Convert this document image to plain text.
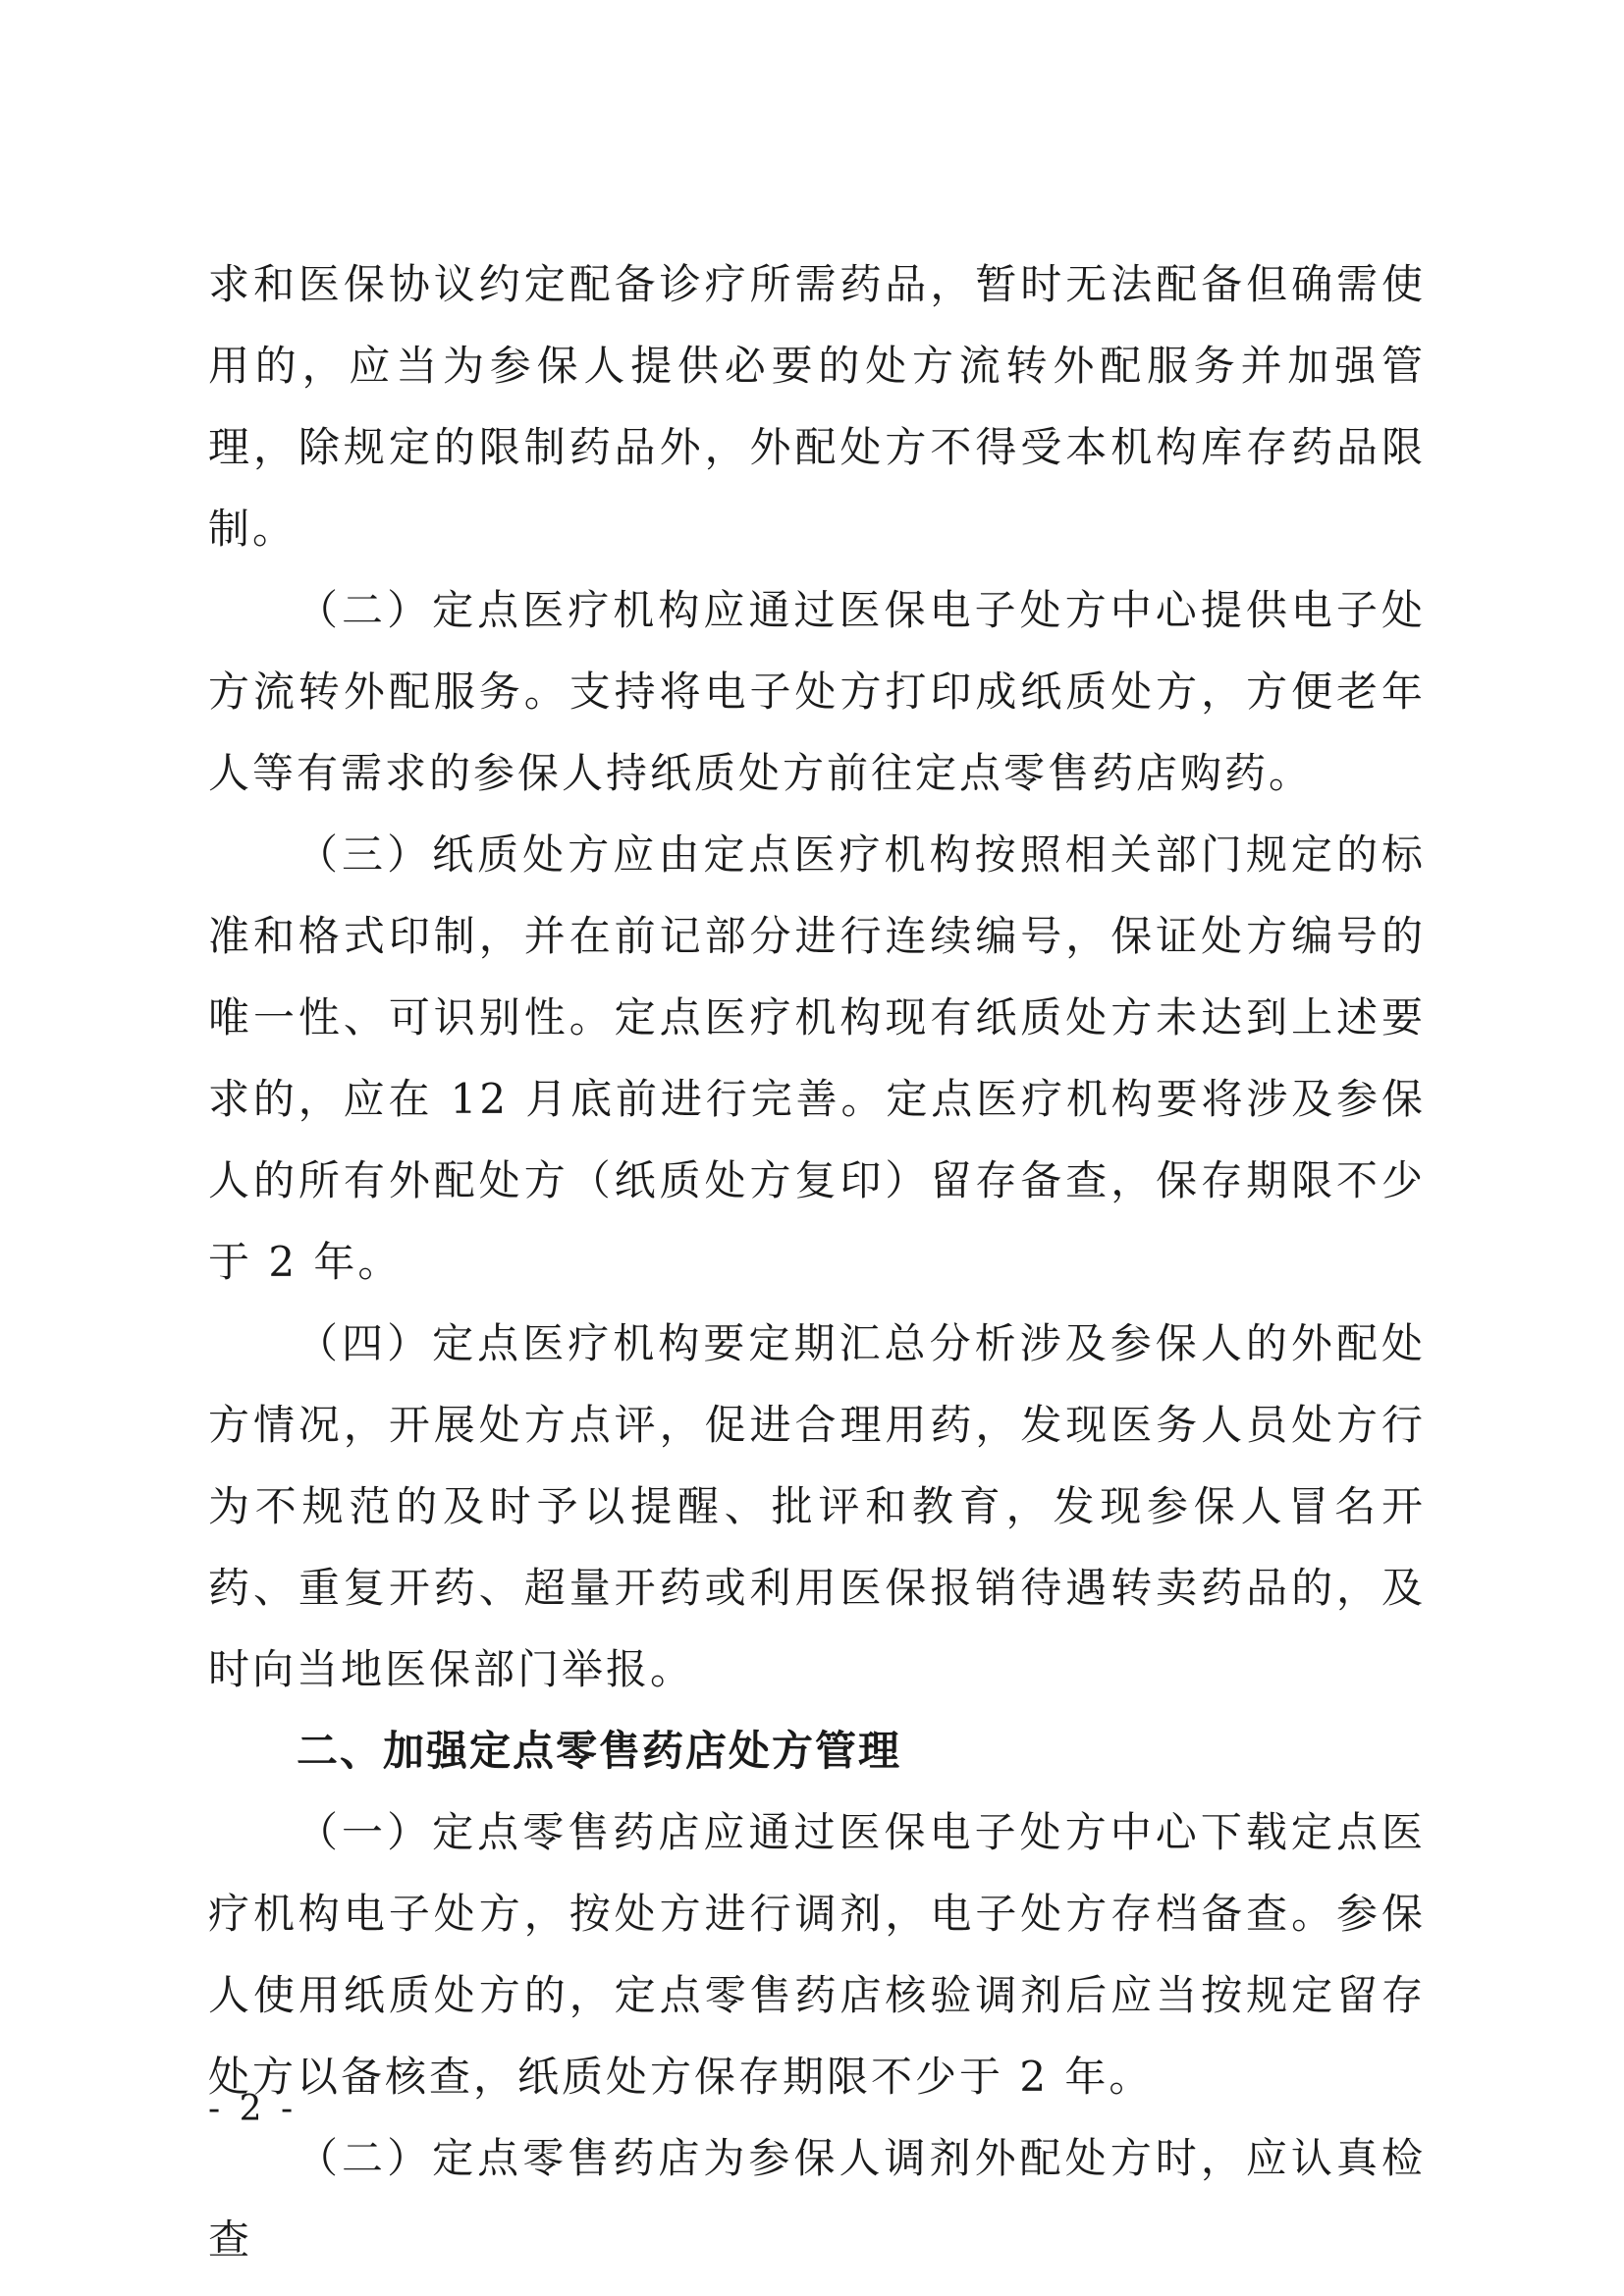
求和医保协议约定配备诊疗所需药品，暂时无法配备但确需使用的，应当为参保人提供必要的处方流转外配服务并加强管理，除规定的限制药品外，外配处方不得受本机构库存药品限制。

（二）定点医疗机构应通过医保电子处方中心提供电子处方流转外配服务。支持将电子处方打印成纸质处方，方便老年人等有需求的参保人持纸质处方前往定点零售药店购药。

（三）纸质处方应由定点医疗机构按照相关部门规定的标准和格式印制，并在前记部分进行连续编号，保证处方编号的唯一性、可识别性。定点医疗机构现有纸质处方未达到上述要求的，应在 12 月底前进行完善。定点医疗机构要将涉及参保人的所有外配处方（纸质处方复印）留存备查，保存期限不少于 2 年。

（四）定点医疗机构要定期汇总分析涉及参保人的外配处方情况，开展处方点评，促进合理用药，发现医务人员处方行为不规范的及时予以提醒、批评和教育，发现参保人冒名开药、重复开药、超量开药或利用医保报销待遇转卖药品的，及时向当地医保部门举报。

二、加强定点零售药店处方管理

（一）定点零售药店应通过医保电子处方中心下载定点医疗机构电子处方，按处方进行调剂，电子处方存档备查。参保人使用纸质处方的，定点零售药店核验调剂后应当按规定留存处方以备核查，纸质处方保存期限不少于 2 年。

（二）定点零售药店为参保人调剂外配处方时，应认真检查

- 2 -
